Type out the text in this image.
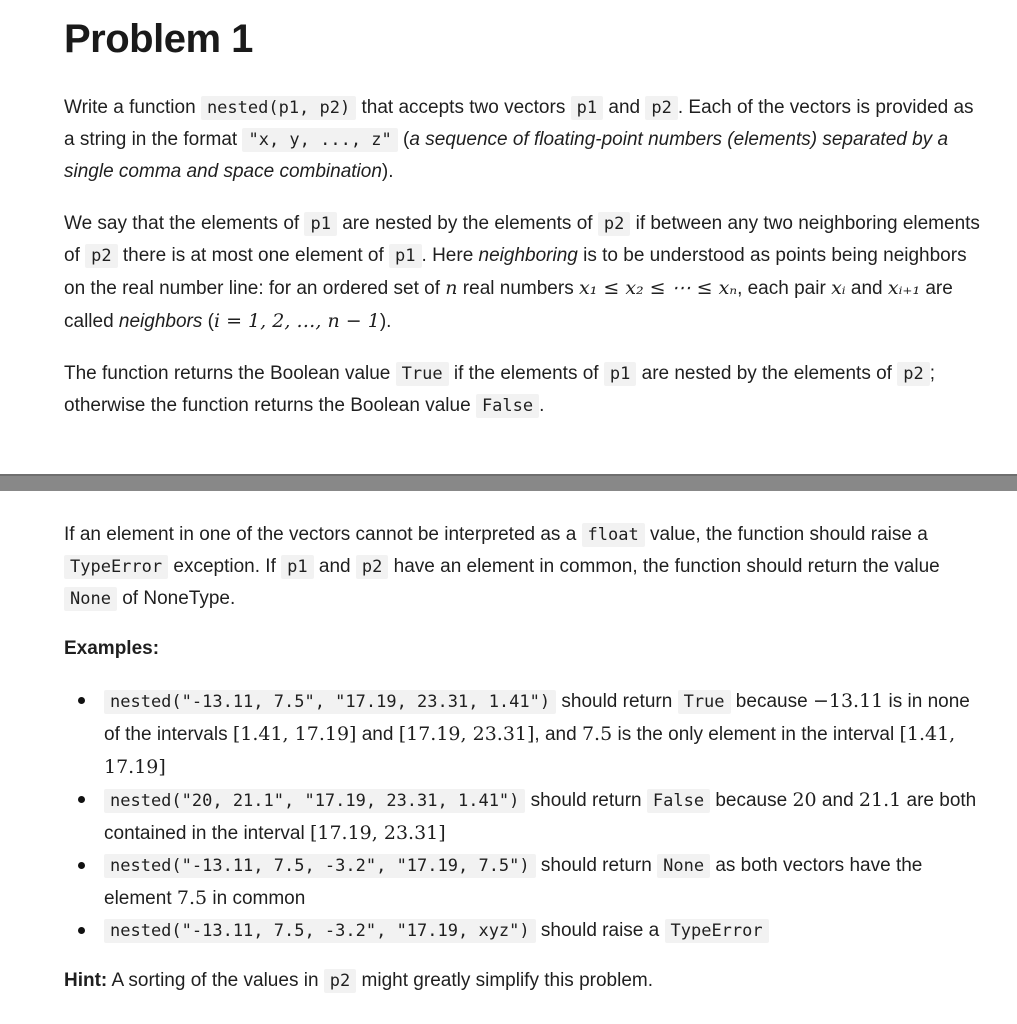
Problem 1

Write a function nested(p1, p2) that accepts two vectors p1 and p2 . Each of the vectors is provided as a string in the format "x, y, ..., z" (a sequence of floating-point numbers (elements) separated by a single comma and space combination).

We say that the elements of p1 are nested by the elements of p2 if between any two neighboring elements of p2 there is at most one element of p1 . Here neighboring is to be understood as points being neighbors on the real number line: for an ordered set of n real numbers x₁ ≤ x₂ ≤ ⋯ ≤ xₙ, each pair xᵢ and xᵢ₊₁ are called neighbors (i = 1, 2, …, n − 1).

The function returns the Boolean value True if the elements of p1 are nested by the elements of p2 ; otherwise the function returns the Boolean value False .

If an element in one of the vectors cannot be interpreted as a float value, the function should raise a TypeError exception. If p1 and p2 have an element in common, the function should return the value None of NoneType.

Examples:

nested("-13.11, 7.5", "17.19, 23.31, 1.41") should return True because −13.11 is in none of the intervals [1.41, 17.19] and [17.19, 23.31], and 7.5 is the only element in the interval [1.41, 17.19]
nested("20, 21.1", "17.19, 23.31, 1.41") should return False because 20 and 21.1 are both contained in the interval [17.19, 23.31]
nested("-13.11, 7.5, -3.2", "17.19, 7.5") should return None as both vectors have the element 7.5 in common
nested("-13.11, 7.5, -3.2", "17.19, xyz") should raise a TypeError

Hint: A sorting of the values in p2 might greatly simplify this problem.
